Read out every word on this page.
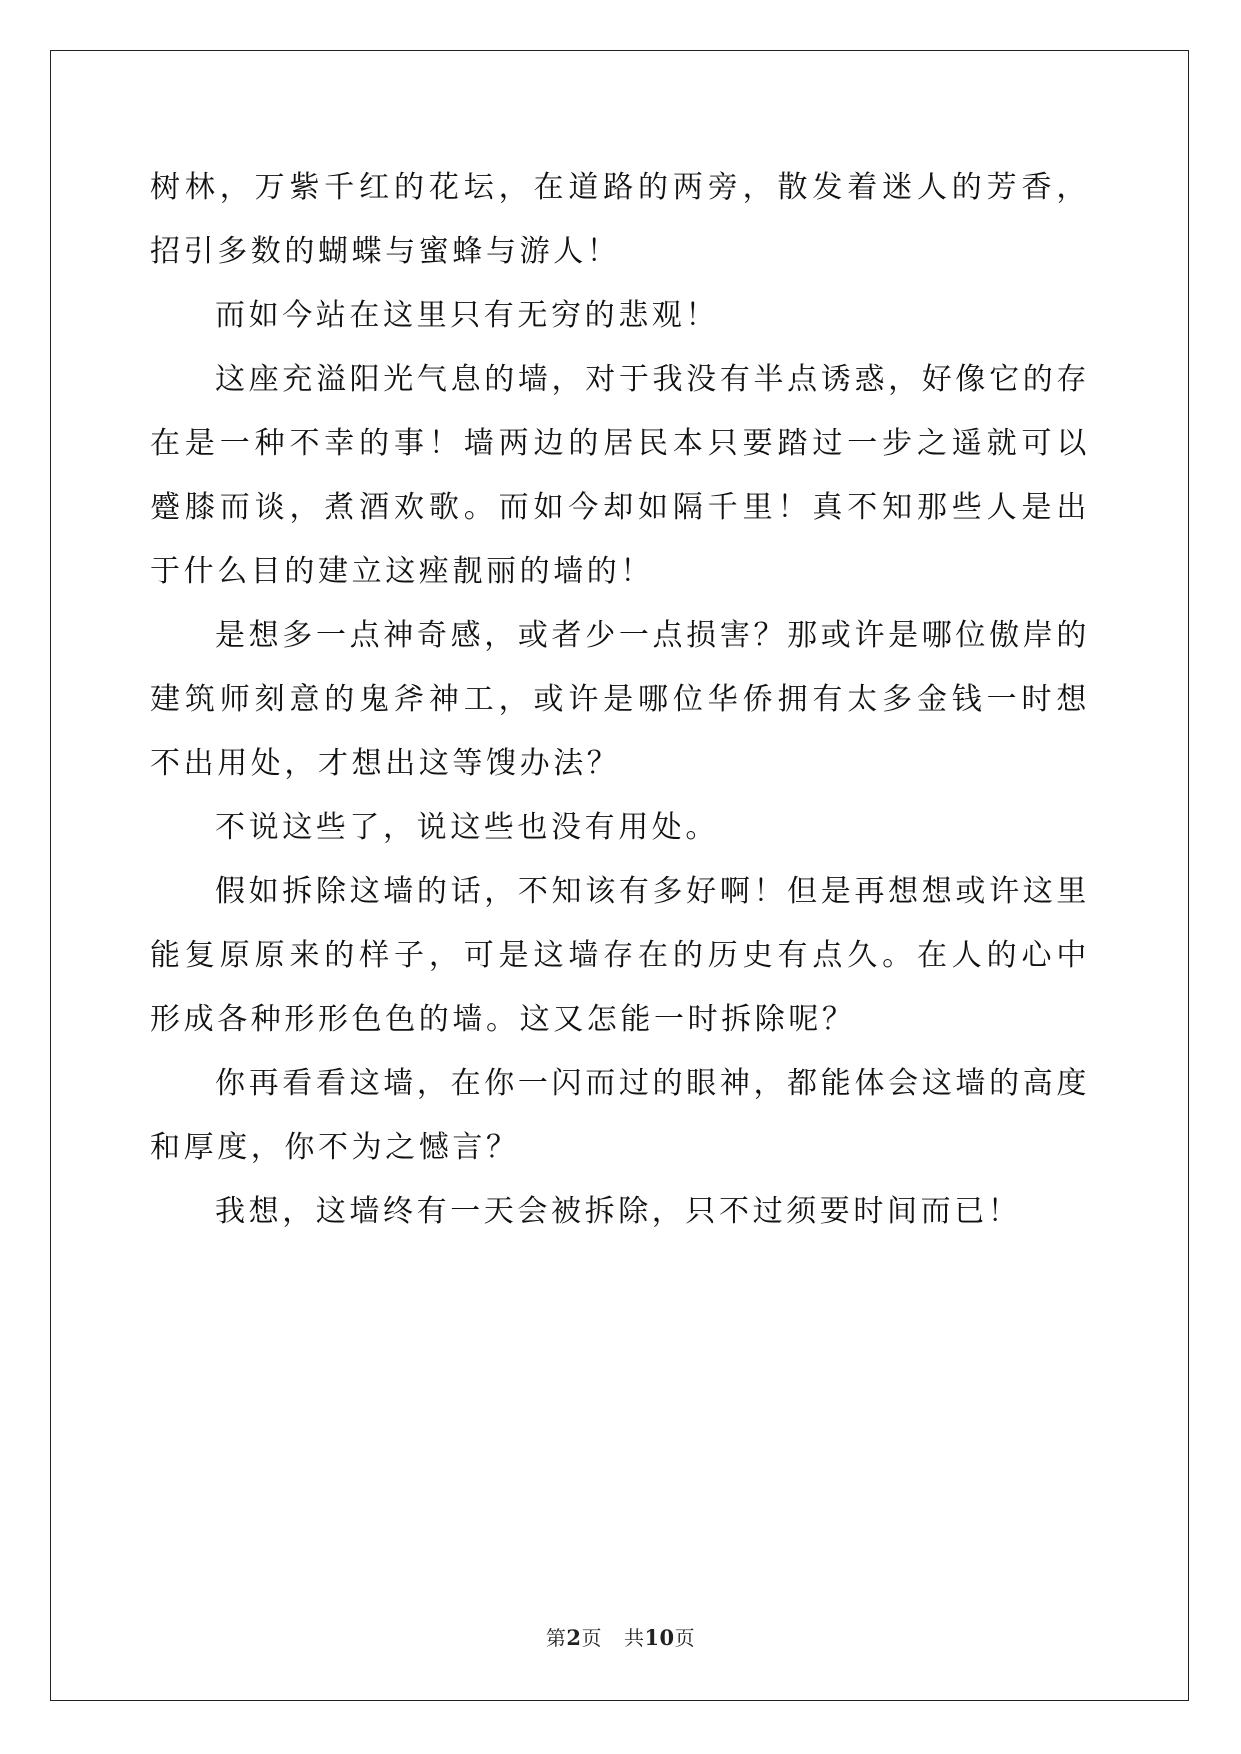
树林，万紫千红的花坛，在道路的两旁，散发着迷人的芳香，招引多数的蝴蝶与蜜蜂与游人！

而如今站在这里只有无穷的悲观！

这座充溢阳光气息的墙，对于我没有半点诱惑，好像它的存在是一种不幸的事！墙两边的居民本只要踏过一步之遥就可以蹙膝而谈，煮酒欢歌。而如今却如隔千里！真不知那些人是出于什么目的建立这痤靓丽的墙的！

是想多一点神奇感，或者少一点损害？那或许是哪位傲岸的建筑师刻意的鬼斧神工，或许是哪位华侨拥有太多金钱一时想不出用处，才想出这等馊办法？

不说这些了，说这些也没有用处。

假如拆除这墙的话，不知该有多好啊！但是再想想或许这里能复原原来的样子，可是这墙存在的历史有点久。在人的心中形成各种形形色色的墙。这又怎能一时拆除呢？

你再看看这墙，在你一闪而过的眼神，都能体会这墙的高度和厚度，你不为之憾言？

我想，这墙终有一天会被拆除，只不过须要时间而已！

第2页 共10页
